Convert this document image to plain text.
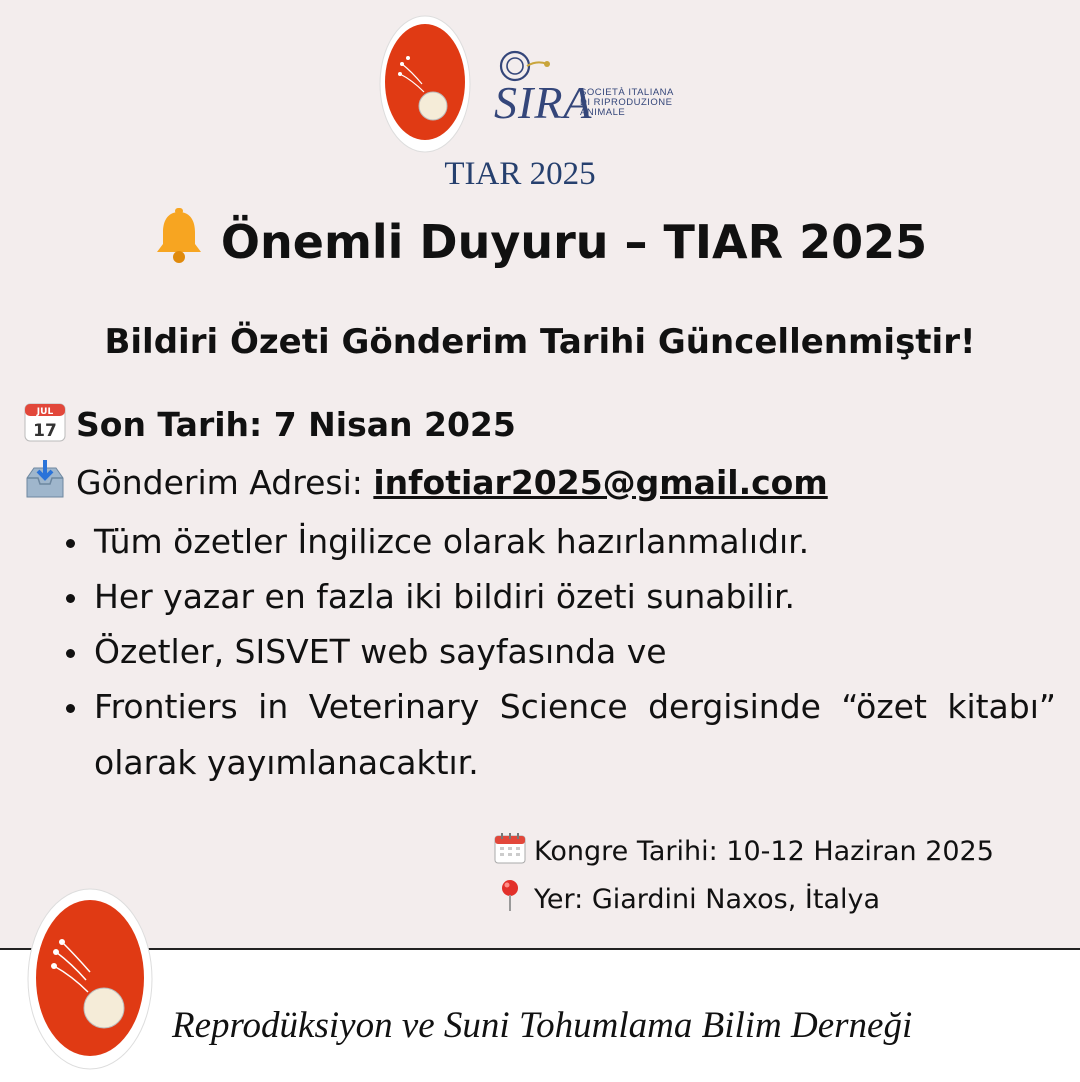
SIRA
SOCIETÀ ITALIANA
DI RIPRODUZIONE
ANIMALE
TIAR 2025
Önemli Duyuru – TIAR 2025
Bildiri Özeti Gönderim Tarihi Güncellenmiştir!
JUL
17 Son Tarih: 7 Nisan 2025
Gönderim Adresi: infotiar2025@gmail.com
Tüm özetler İngilizce olarak hazırlanmalıdır.
Her yazar en fazla iki bildiri özeti sunabilir.
Özetler, SISVET web sayfasında ve
Frontiers in Veterinary Science dergisinde “özet kitabı” olarak yayımlanacaktır.
Kongre Tarihi: 10-12 Haziran 2025
Yer: Giardini Naxos, İtalya
Reprodüksiyon ve Suni Tohumlama Bilim Derneği
